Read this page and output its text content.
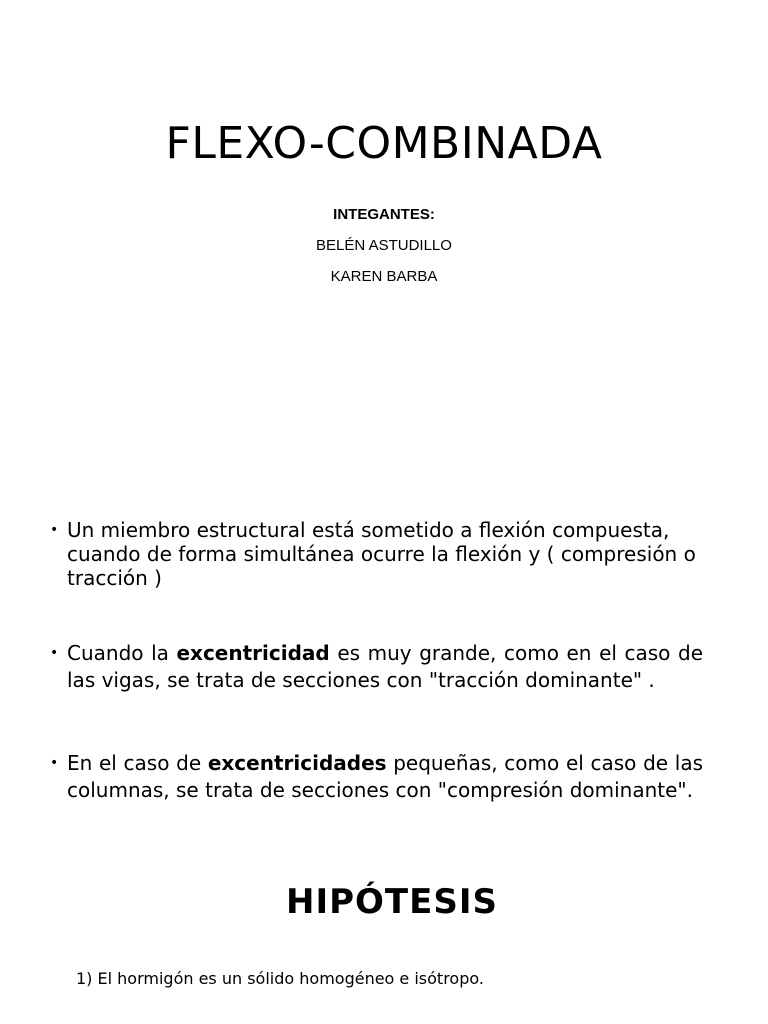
FLEXO-COMBINADA
INTEGANTES:
BELÉN ASTUDILLO
KAREN BARBA
• Un miembro estructural está sometido a flexión compuesta, cuando de forma simultánea ocurre la flexión y ( compresión o tracción )
• Cuando la excentricidad es muy grande, como en el caso de las vigas, se trata de secciones con "tracción dominante" .
• En el caso de excentricidades pequeñas, como el caso de las columnas, se trata de secciones con "compresión dominante".
HIPÓTESIS
1) El hormigón es un sólido homogéneo e isótropo.
